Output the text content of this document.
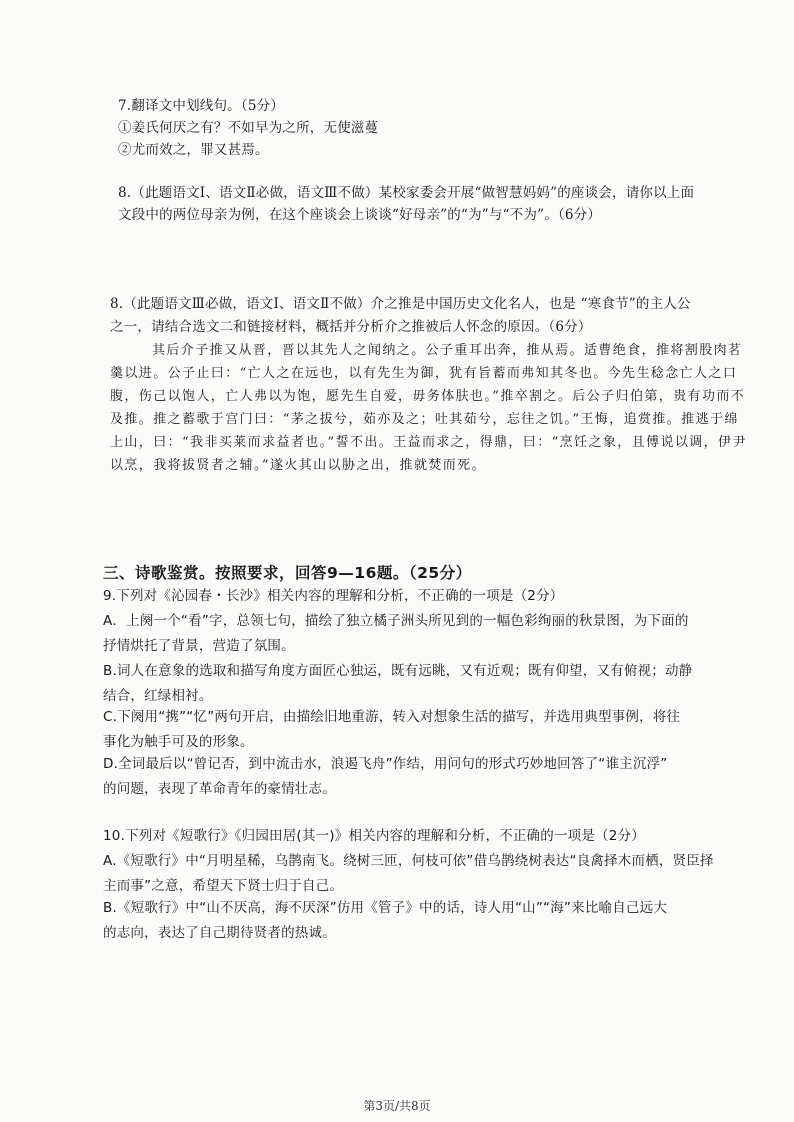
7.翻译文中划线句。（5分）
①姜氏何厌之有？不如早为之所，无使滋蔓
②尤而效之，罪又甚焉。
8.（此题语文Ⅰ、语文Ⅱ必做，语文Ⅲ不做）某校家委会开展“做智慧妈妈”的座谈会，请你以上面
文段中的两位母亲为例，在这个座谈会上谈谈“好母亲”的“为”与“不为”。（6分）
8.（此题语文Ⅲ必做，语文Ⅰ、语文Ⅱ不做）介之推是中国历史文化名人，也是 “寒食节”的主人公
之一，请结合选文二和链接材料，概括并分析介之推被后人怀念的原因。（6分）
其后介子推又从晋，晋以其先人之闻纳之。公子重耳出奔，推从焉。适曹绝食，推将割股肉茗
羹以进。公子止曰：“亡人之在远也，以有先生为御，犹有旨蓄而弗知其冬也。今先生稔念亡人之口
腹，伤己以饱人，亡人弗以为饱，愿先生自爱，毋务体肤也。”推卒割之。后公子归伯第，贵有功而不
及推。推之蓄歌于宫门曰：“茅之拔兮，茹亦及之；吐其茹兮，忘往之饥。”王悔，追赏推。推逃于绵
上山，曰：“我非买莱而求益者也。”誓不出。王益而求之，得鼎，曰：“烹饪之象，且傅说以调，伊尹
以烹，我将拔贤者之辅。”遂火其山以胁之出，推就焚而死。
三、诗歌鉴赏。按照要求，回答9—16题。（25分）
9.下列对《沁园春・长沙》相关内容的理解和分析，不正确的一项是（2分）
A．上阕一个“看”字，总领七句，描绘了独立橘子洲头所见到的一幅色彩绚丽的秋景图，为下面的
抒情烘托了背景，营造了氛围。
B.词人在意象的选取和描写角度方面匠心独运，既有远眺，又有近观；既有仰望，又有俯视；动静
结合，红绿相衬。
C.下阕用“携”“忆”两句开启，由描绘旧地重游，转入对想象生活的描写，并选用典型事例，将往
事化为触手可及的形象。
D.全词最后以“曾记否，到中流击水，浪遏飞舟”作结，用问句的形式巧妙地回答了“谁主沉浮”
的问题，表现了革命青年的豪情壮志。
10.下列对《短歌行》《归园田居(其一)》相关内容的理解和分析，不正确的一项是（2分）
A.《短歌行》中“月明星稀，乌鹊南飞。绕树三匝，何枝可依”借乌鹊绕树表达“良禽择木而栖，贤臣择
主而事”之意，希望天下贤士归于自己。
B.《短歌行》中“山不厌高，海不厌深”仿用《管子》中的话，诗人用“山”“海”来比喻自己远大
的志向，表达了自己期待贤者的热诚。
第3页/共8页
